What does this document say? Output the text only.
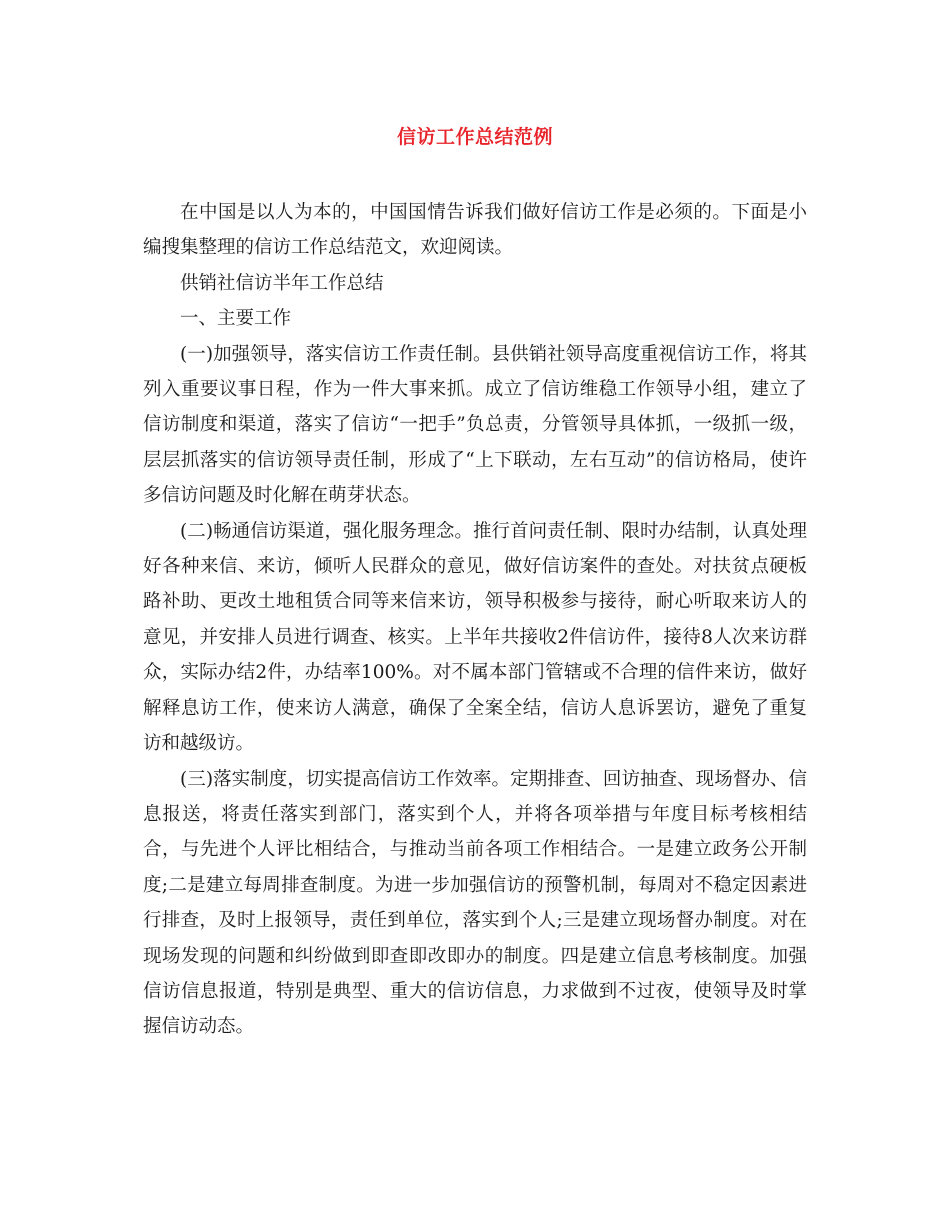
信访工作总结范例

在中国是以人为本的，中国国情告诉我们做好信访工作是必须的。下面是小编搜集整理的信访工作总结范文，欢迎阅读。

供销社信访半年工作总结

一、主要工作

(一)加强领导，落实信访工作责任制。县供销社领导高度重视信访工作，将其列入重要议事日程，作为一件大事来抓。成立了信访维稳工作领导小组，建立了信访制度和渠道，落实了信访“一把手”负总责，分管领导具体抓，一级抓一级，层层抓落实的信访领导责任制，形成了“上下联动，左右互动”的信访格局，使许多信访问题及时化解在萌芽状态。

(二)畅通信访渠道，强化服务理念。推行首问责任制、限时办结制，认真处理好各种来信、来访，倾听人民群众的意见，做好信访案件的查处。对扶贫点硬板路补助、更改土地租赁合同等来信来访，领导积极参与接待，耐心听取来访人的意见，并安排人员进行调查、核实。上半年共接收2件信访件，接待8人次来访群众，实际办结2件，办结率100%。对不属本部门管辖或不合理的信件来访，做好解释息访工作，使来访人满意，确保了全案全结，信访人息诉罢访，避免了重复访和越级访。

(三)落实制度，切实提高信访工作效率。定期排查、回访抽查、现场督办、信息报送，将责任落实到部门，落实到个人，并将各项举措与年度目标考核相结合，与先进个人评比相结合，与推动当前各项工作相结合。一是建立政务公开制度;二是建立每周排查制度。为进一步加强信访的预警机制，每周对不稳定因素进行排查，及时上报领导，责任到单位，落实到个人;三是建立现场督办制度。对在现场发现的问题和纠纷做到即查即改即办的制度。四是建立信息考核制度。加强信访信息报道，特别是典型、重大的信访信息，力求做到不过夜，使领导及时掌握信访动态。
